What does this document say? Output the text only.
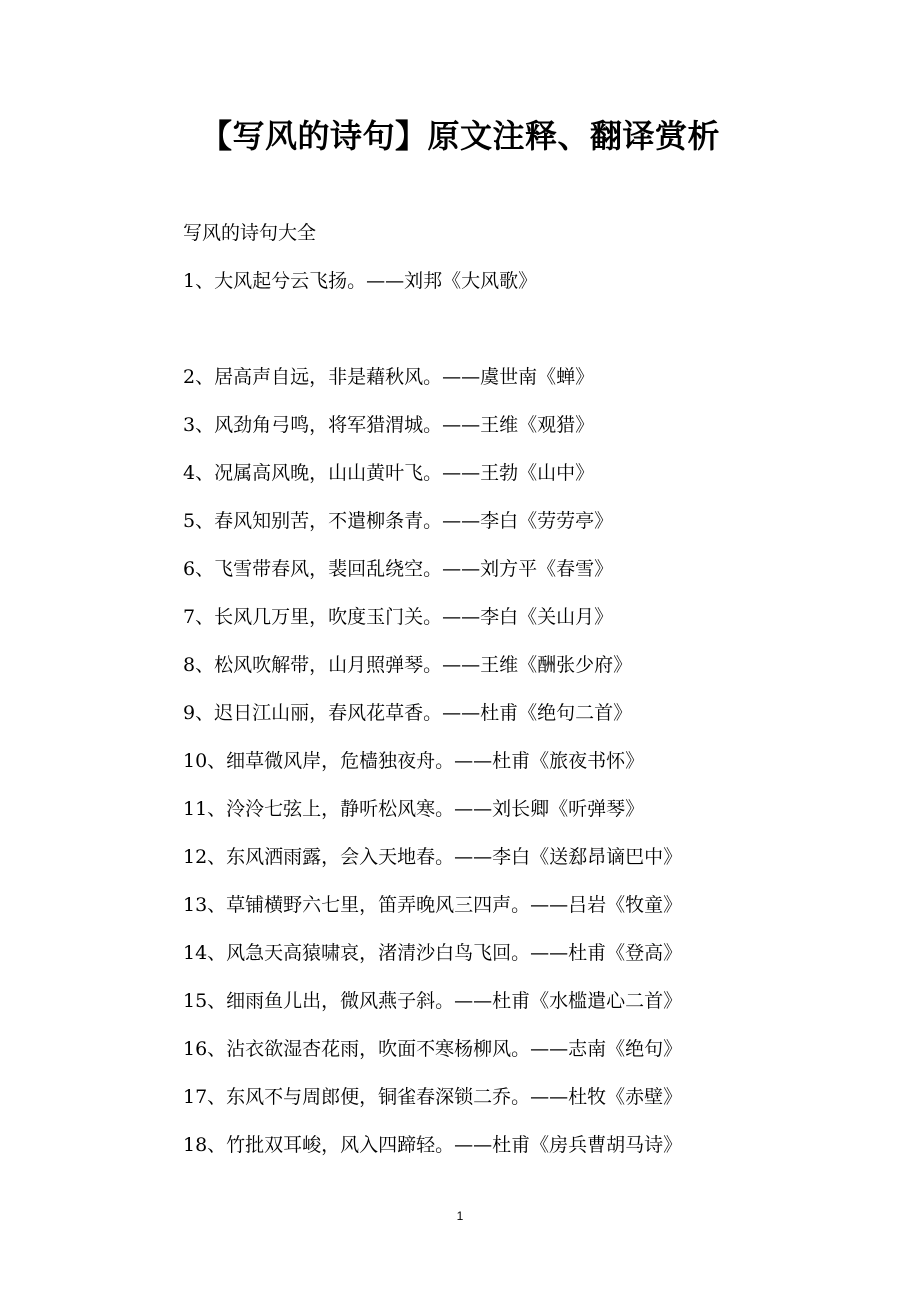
【写风的诗句】原文注释、翻译赏析

写风的诗句大全

1、大风起兮云飞扬。——刘邦《大风歌》
2、居高声自远，非是藉秋风。——虞世南《蝉》
3、风劲角弓鸣，将军猎渭城。——王维《观猎》
4、况属高风晚，山山黄叶飞。——王勃《山中》
5、春风知别苦，不遣柳条青。——李白《劳劳亭》
6、飞雪带春风，裴回乱绕空。——刘方平《春雪》
7、长风几万里，吹度玉门关。——李白《关山月》
8、松风吹解带，山月照弹琴。——王维《酬张少府》
9、迟日江山丽，春风花草香。——杜甫《绝句二首》
10、细草微风岸，危樯独夜舟。——杜甫《旅夜书怀》
11、泠泠七弦上，静听松风寒。——刘长卿《听弹琴》
12、东风洒雨露，会入天地春。——李白《送郄昂谪巴中》
13、草铺横野六七里，笛弄晚风三四声。——吕岩《牧童》
14、风急天高猿啸哀，渚清沙白鸟飞回。——杜甫《登高》
15、细雨鱼儿出，微风燕子斜。——杜甫《水槛遣心二首》
16、沾衣欲湿杏花雨，吹面不寒杨柳风。——志南《绝句》
17、东风不与周郎便，铜雀春深锁二乔。——杜牧《赤壁》
18、竹批双耳峻，风入四蹄轻。——杜甫《房兵曹胡马诗》
1
